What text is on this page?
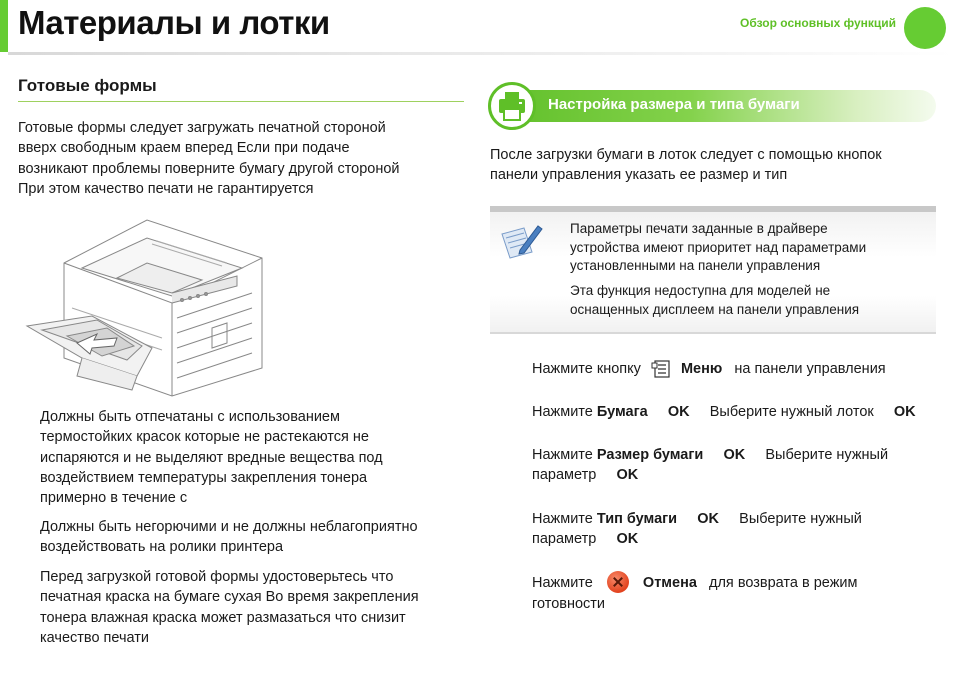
Материалы и лотки	Обзор основных функций
Готовые формы
Готовые формы следует загружать печатной стороной
вверх свободным краем вперед Если при подаче
возникают проблемы поверните бумагу другой стороной
При этом качество печати не гарантируется
Должны быть отпечатаны с использованием
термостойких красок которые не растекаются не
испаряются и не выделяют вредные вещества под
воздействием температуры закрепления тонера
примерно в течение с
Должны быть негорючими и не должны неблагоприятно
воздействовать на ролики принтера
Перед загрузкой готовой формы удостоверьтесь что
печатная краска на бумаге сухая Во время закрепления
тонера влажная краска может размазаться что снизит
качество печати
Настройка размера и типа бумаги
После загрузки бумаги в лоток следует с помощью кнопок
панели управления указать ее размер и тип
Параметры печати заданные в драйвере
устройства имеют приоритет над параметрами
установленными на панели управления
Эта функция недоступна для моделей не
оснащенных дисплеем на панели управления
Нажмите кнопку	Меню на панели управления
Нажмите Бумага OK Выберите нужный лоток OK
Нажмите Размер бумаги OK Выберите нужный
параметр OK
Нажмите Тип бумаги OK Выберите нужный
параметр OK
Нажмите	Отмена для возврата в режим
готовности
